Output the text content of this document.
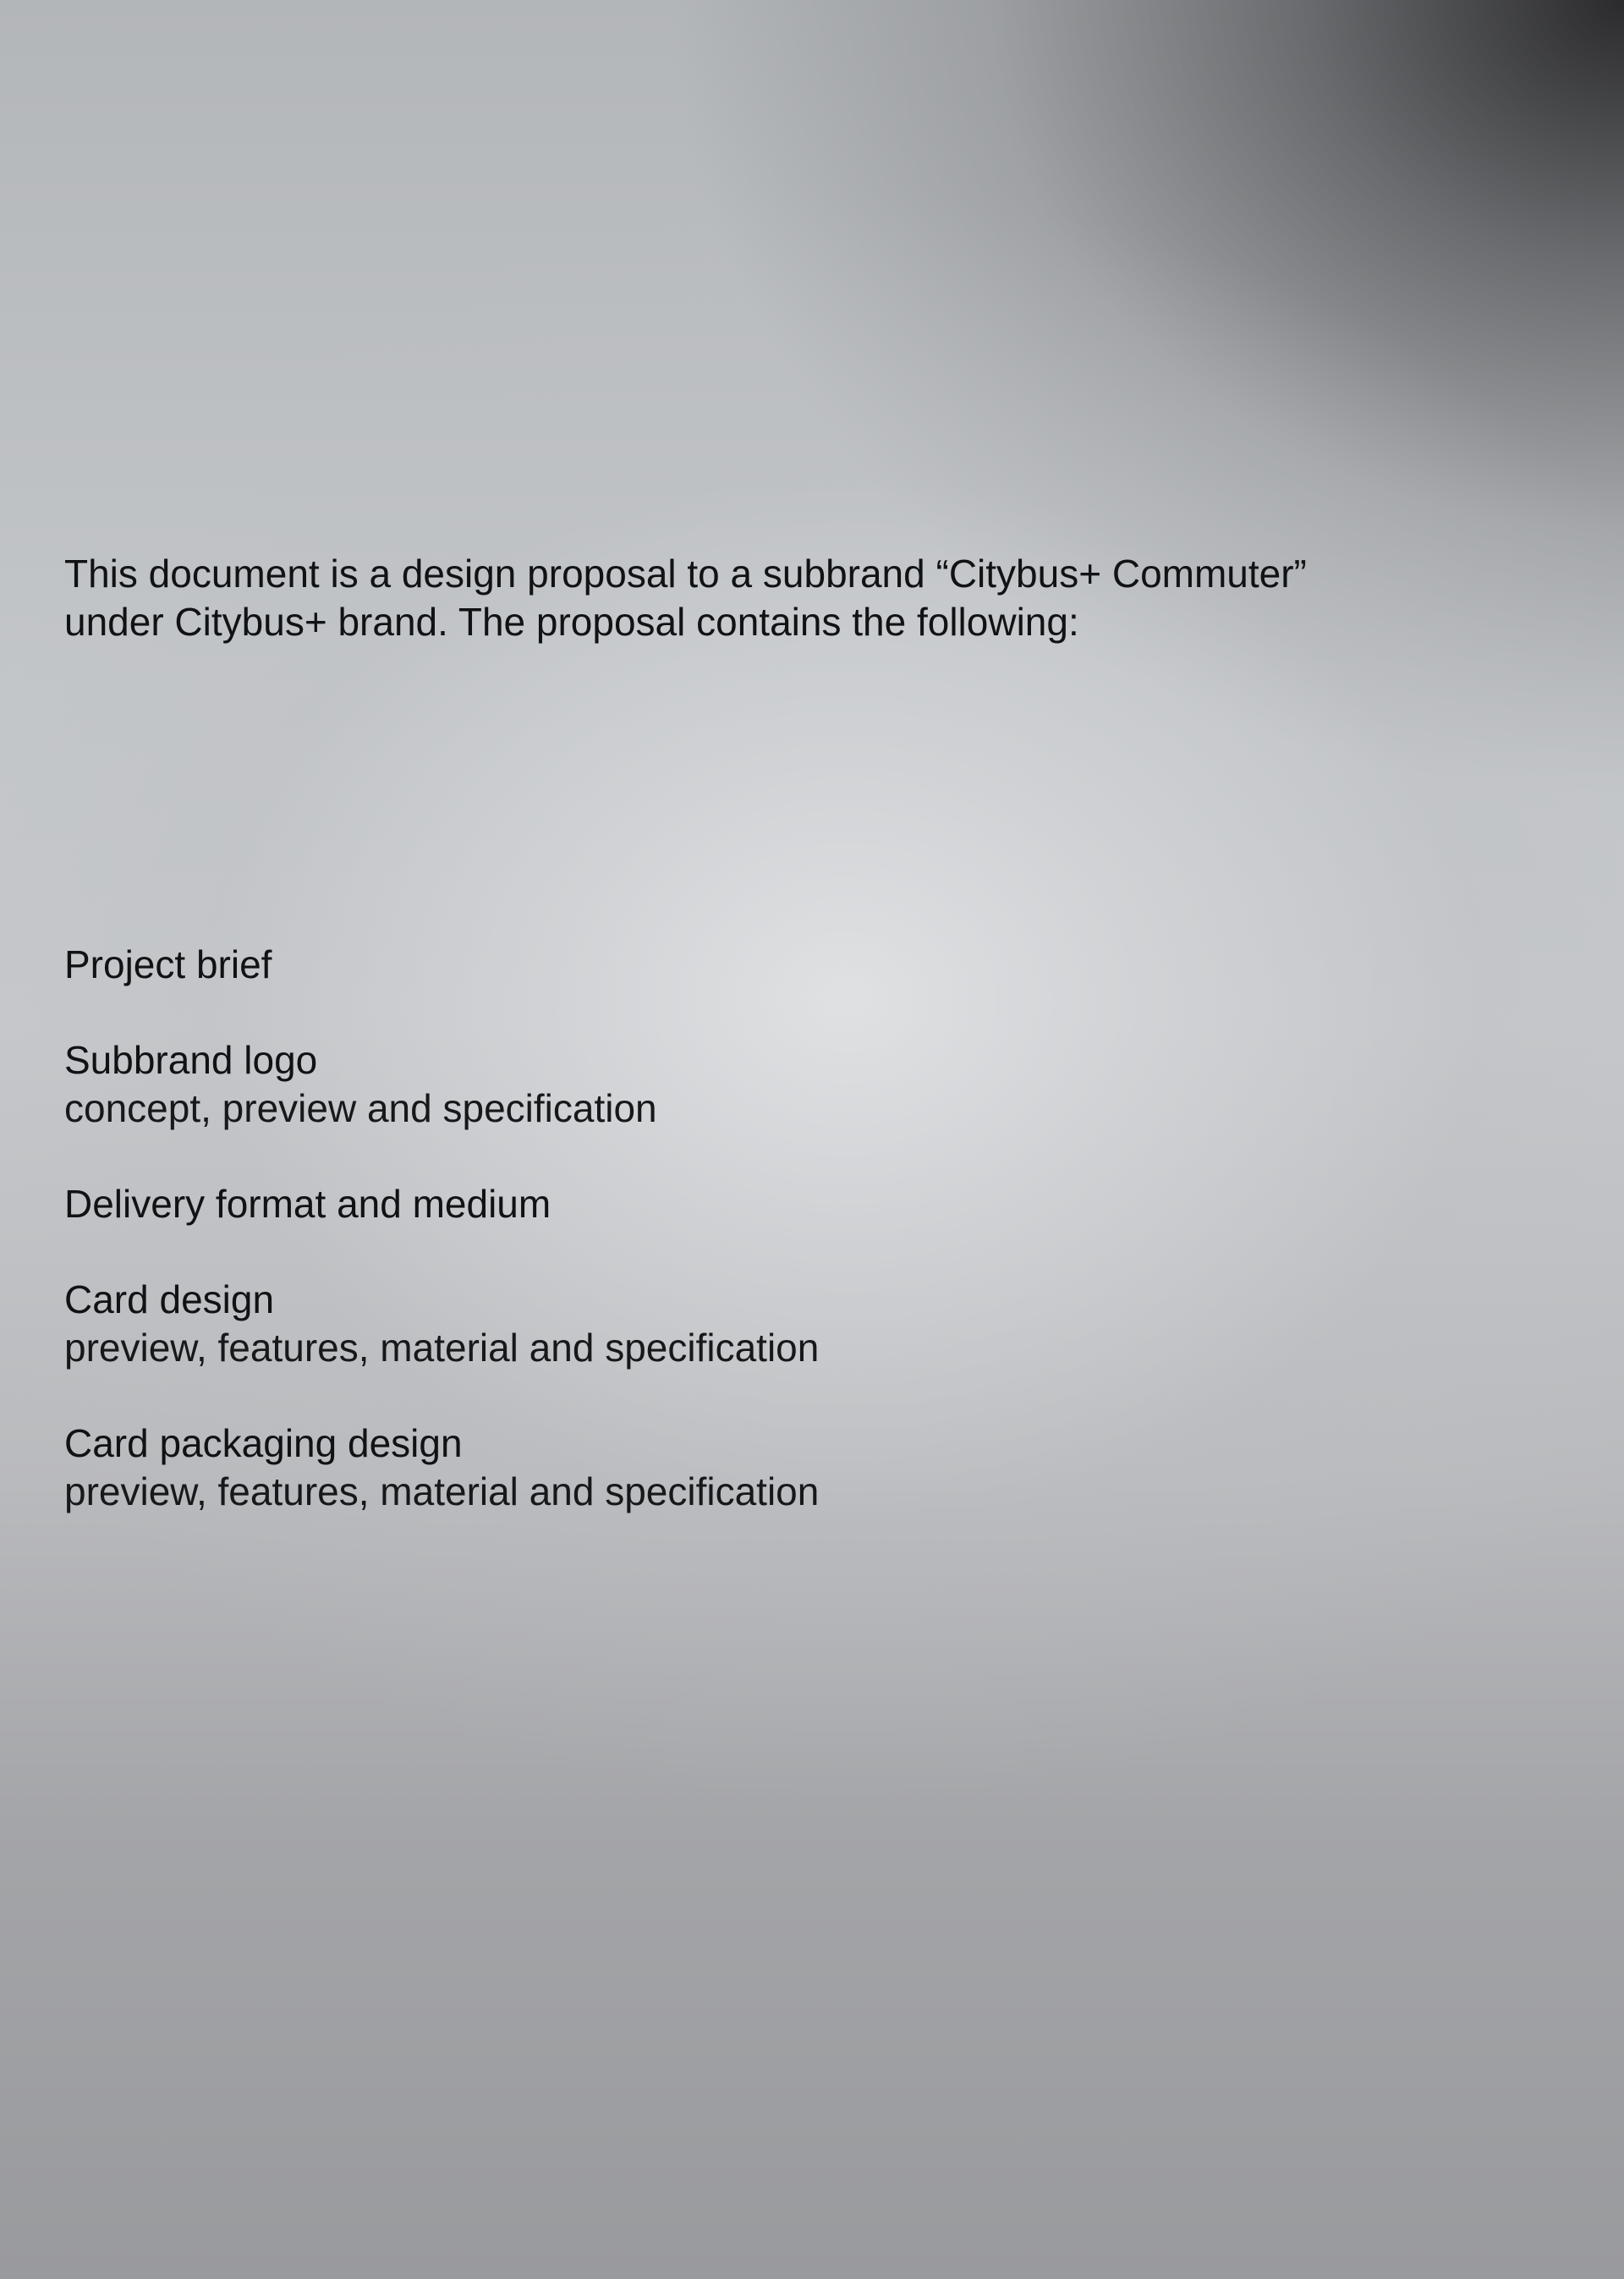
This document is a design proposal to a subbrand “Citybus+ Commuter”
under Citybus+ brand. The proposal contains the following:

Project brief
Subbrand logo
concept, preview and specification
Delivery format and medium
Card design
preview, features, material and specification
Card packaging design
preview, features, material and specification
